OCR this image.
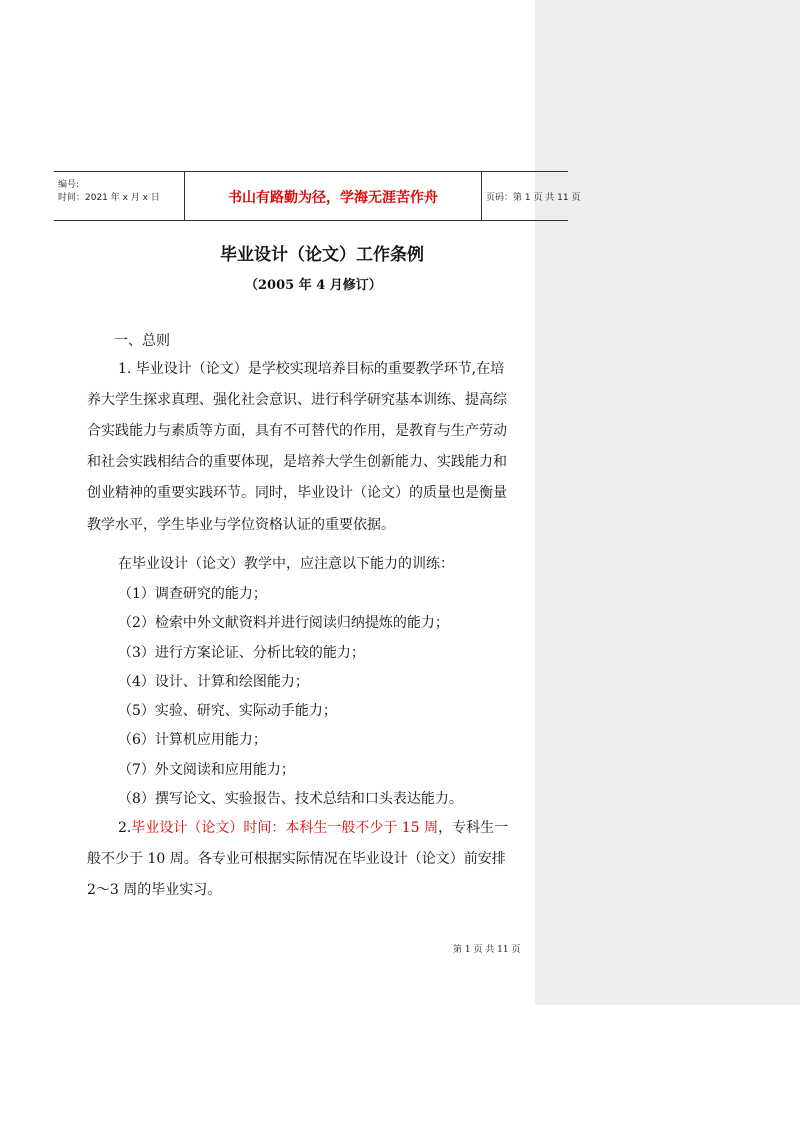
编号:
时间：2021 年 x 月 x 日	书山有路勤为径，学海无涯苦作舟	页码：第 1 页 共 11 页
毕业设计（论文）工作条例
（2005 年 4 月修订）
一、总则
1. 毕业设计（论文）是学校实现培养目标的重要教学环节,在培
养大学生探求真理、强化社会意识、进行科学研究基本训练、提高综
合实践能力与素质等方面，具有不可替代的作用，是教育与生产劳动
和社会实践相结合的重要体现，是培养大学生创新能力、实践能力和
创业精神的重要实践环节。同时，毕业设计（论文）的质量也是衡量
教学水平，学生毕业与学位资格认证的重要依据。
在毕业设计（论文）教学中，应注意以下能力的训练：
（1）调查研究的能力；
（2）检索中外文献资料并进行阅读归纳提炼的能力；
（3）进行方案论证、分析比较的能力；
（4）设计、计算和绘图能力；
（5）实验、研究、实际动手能力；
（6）计算机应用能力；
（7）外文阅读和应用能力；
（8）撰写论文、实验报告、技术总结和口头表达能力。
2.毕业设计（论文）时间：本科生一般不少于 15 周，专科生一
般不少于 10 周。各专业可根据实际情况在毕业设计（论文）前安排
2～3 周的毕业实习。
第 1 页 共 11 页
